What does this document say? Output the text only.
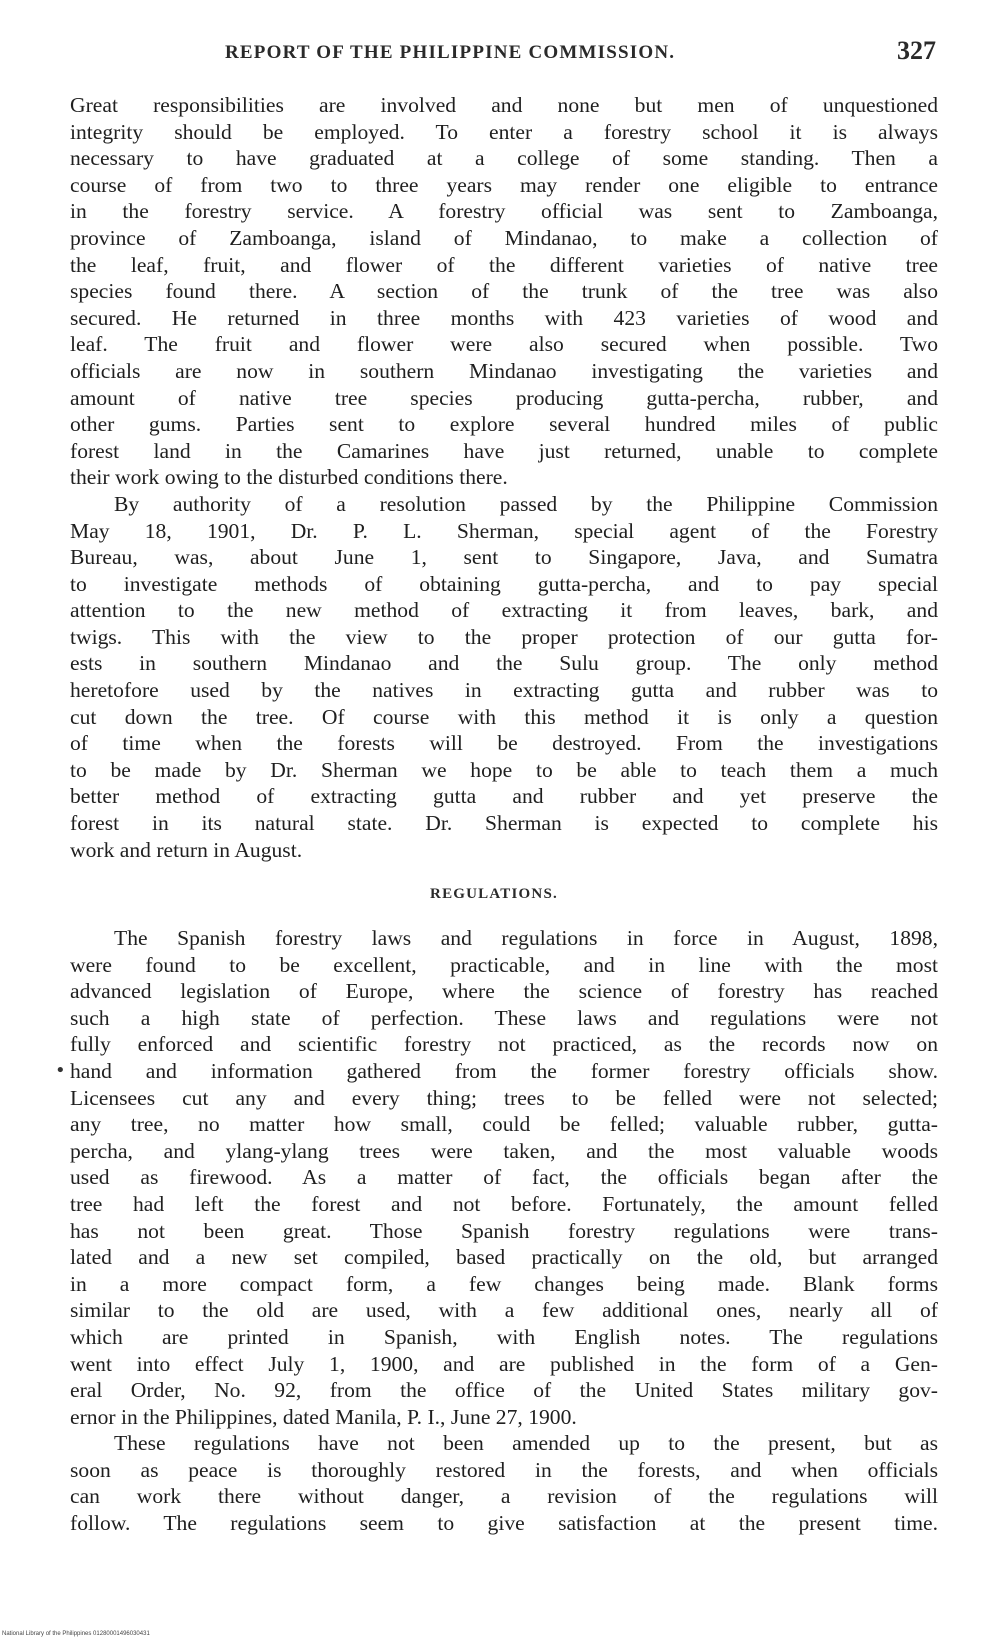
REPORT OF THE PHILIPPINE COMMISSION.	327
Great responsibilities are involved and none but men of unquestioned
integrity should be employed. To enter a forestry school it is always
necessary to have graduated at a college of some standing. Then a
course of from two to three years may render one eligible to entrance
in the forestry service. A forestry official was sent to Zamboanga,
province of Zamboanga, island of Mindanao, to make a collection of
the leaf, fruit, and flower of the different varieties of native tree
species found there. A section of the trunk of the tree was also
secured. He returned in three months with 423 varieties of wood and
leaf. The fruit and flower were also secured when possible. Two
officials are now in southern Mindanao investigating the varieties and
amount of native tree species producing gutta-percha, rubber, and
other gums. Parties sent to explore several hundred miles of public
forest land in the Camarines have just returned, unable to complete
their work owing to the disturbed conditions there.
By authority of a resolution passed by the Philippine Commission
May 18, 1901, Dr. P. L. Sherman, special agent of the Forestry
Bureau, was, about June 1, sent to Singapore, Java, and Sumatra
to investigate methods of obtaining gutta-percha, and to pay special
attention to the new method of extracting it from leaves, bark, and
twigs. This with the view to the proper protection of our gutta for-
ests in southern Mindanao and the Sulu group. The only method
heretofore used by the natives in extracting gutta and rubber was to
cut down the tree. Of course with this method it is only a question
of time when the forests will be destroyed. From the investigations
to be made by Dr. Sherman we hope to be able to teach them a much
better method of extracting gutta and rubber and yet preserve the
forest in its natural state. Dr. Sherman is expected to complete his
work and return in August.
REGULATIONS.
•
The Spanish forestry laws and regulations in force in August, 1898,
were found to be excellent, practicable, and in line with the most
advanced legislation of Europe, where the science of forestry has reached
such a high state of perfection. These laws and regulations were not
fully enforced and scientific forestry not practiced, as the records now on
hand and information gathered from the former forestry officials show.
Licensees cut any and every thing; trees to be felled were not selected;
any tree, no matter how small, could be felled; valuable rubber, gutta-
percha, and ylang-ylang trees were taken, and the most valuable woods
used as firewood. As a matter of fact, the officials began after the
tree had left the forest and not before. Fortunately, the amount felled
has not been great. Those Spanish forestry regulations were trans-
lated and a new set compiled, based practically on the old, but arranged
in a more compact form, a few changes being made. Blank forms
similar to the old are used, with a few additional ones, nearly all of
which are printed in Spanish, with English notes. The regulations
went into effect July 1, 1900, and are published in the form of a Gen-
eral Order, No. 92, from the office of the United States military gov-
ernor in the Philippines, dated Manila, P. I., June 27, 1900.
These regulations have not been amended up to the present, but as
soon as peace is thoroughly restored in the forests, and when officials
can work there without danger, a revision of the regulations will
follow. The regulations seem to give satisfaction at the present time.
National Library of the Philippines 01280001496030431
